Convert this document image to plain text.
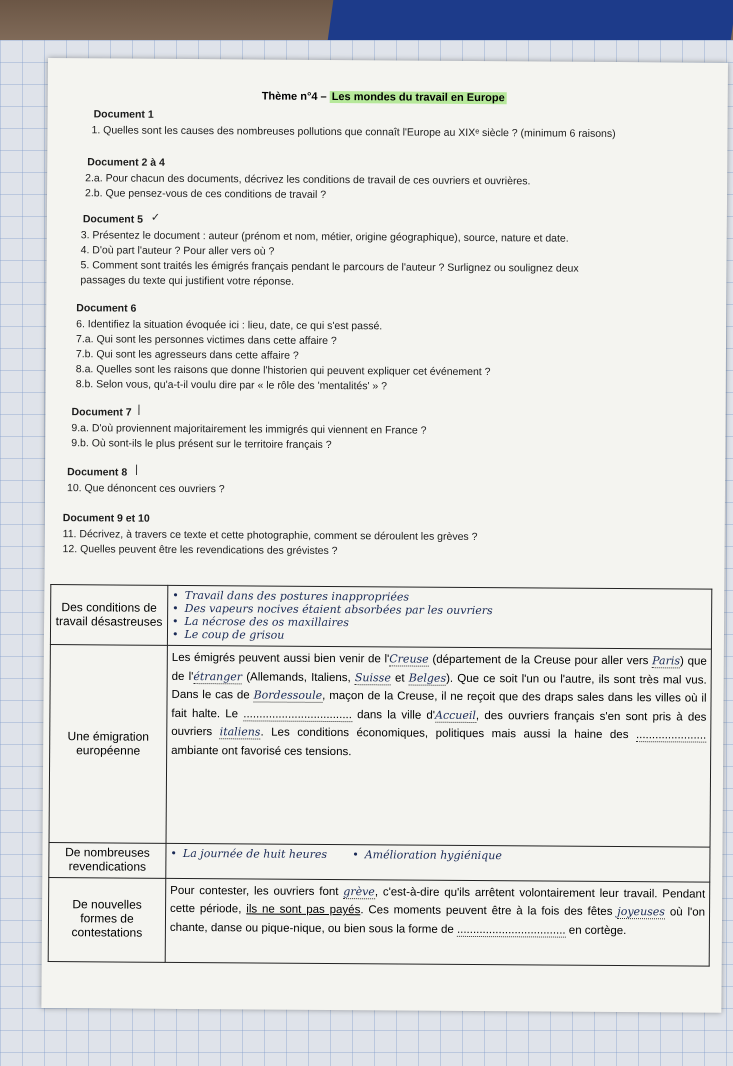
Thème n°4 – Les mondes du travail en Europe
Document 1
1. Quelles sont les causes des nombreuses pollutions que connaît l'Europe au XIXᵉ siècle ? (minimum 6 raisons)
Document 2 à 4
2.a. Pour chacun des documents, décrivez les conditions de travail de ces ouvriers et ouvrières.
2.b. Que pensez-vous de ces conditions de travail ?
Document 5 ✓
3. Présentez le document : auteur (prénom et nom, métier, origine géographique), source, nature et date.
4. D'où part l'auteur ? Pour aller vers où ?
5. Comment sont traités les émigrés français pendant le parcours de l'auteur ? Surlignez ou soulignez deux
passages du texte qui justifient votre réponse.
Document 6
6. Identifiez la situation évoquée ici : lieu, date, ce qui s'est passé.
7.a. Qui sont les personnes victimes dans cette affaire ?
7.b. Qui sont les agresseurs dans cette affaire ?
8.a. Quelles sont les raisons que donne l'historien qui peuvent expliquer cet événement ?
8.b. Selon vous, qu'a-t-il voulu dire par « le rôle des 'mentalités' » ?
Document 7 |
9.a. D'où proviennent majoritairement les immigrés qui viennent en France ?
9.b. Où sont-ils le plus présent sur le territoire français ?
Document 8 |
10. Que dénoncent ces ouvriers ?
Document 9 et 10
11. Décrivez, à travers ce texte et cette photographie, comment se déroulent les grèves ?
12. Quelles peuvent être les revendications des grévistes ?
Des conditions de travail désastreuses	• Travail dans des postures inappropriées
• Des vapeurs nocives étaient absorbées par les ouvriers
• La nécrose des os maxillaires
• Le coup de grisou

Une émigration européenne	Les émigrés peuvent aussi bien venir de l'Creuse (département de la Creuse pour aller vers Paris) que de l'étranger (Allemands, Italiens, Suisse et Belges). Que ce soit l'un ou l'autre, ils sont très mal vus. Dans le cas de Bordessoule, maçon de la Creuse, il ne reçoit que des draps sales dans les villes où il fait halte. Le .................................. dans la ville d'Accueil, des ouvriers français s'en sont pris à des ouvriers italiens. Les conditions économiques, politiques mais aussi la haine des ...................... ambiante ont favorisé ces tensions.
De nombreuses revendications	• La journée de huit heures • Amélioration hygiénique
De nouvelles formes de contestations	Pour contester, les ouvriers font grève, c'est-à-dire qu'ils arrêtent volontairement leur travail. Pendant cette période, ils ne sont pas payés. Ces moments peuvent être à la fois des fêtes joyeuses où l'on chante, danse ou pique-nique, ou bien sous la forme de .................................. en cortège.
